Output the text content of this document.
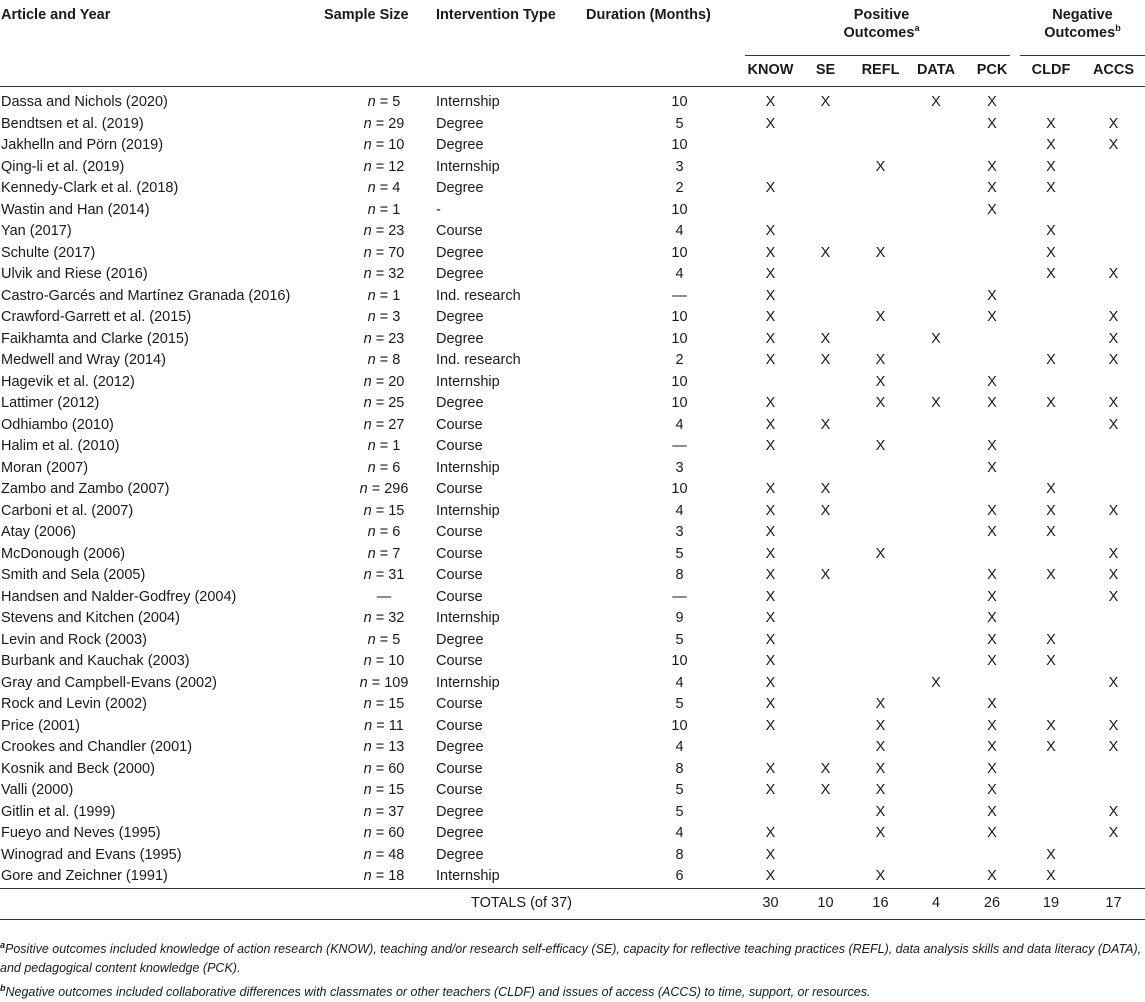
Article and Year	Sample Size	Intervention Type	Duration (Months)	Positive Outcomes$^a$					Negative Outcomes$^b$

				KNOW	SE	REFL	DATA	PCK	CLDF	ACCS
Dassa and Nichols (2020)	n = 5	Internship	10	X	X		X	X		
Bendtsen et al. (2019)	n = 29	Degree	5	X				X	X	X
Jakhelln and Pörn (2019)	n = 10	Degree	10						X	X
Qing-li et al. (2019)	n = 12	Internship	3			X		X	X	
Kennedy-Clark et al. (2018)	n = 4	Degree	2	X				X	X	
Wastin and Han (2014)	n = 1	-	10					X		
Yan (2017)	n = 23	Course	4	X					X	
Schulte (2017)	n = 70	Degree	10	X	X	X			X	
Ulvik and Riese (2016)	n = 32	Degree	4	X					X	X
Castro-Garcés and Martínez Granada (2016)	n = 1	Ind. research	—	X				X		
Crawford-Garrett et al. (2015)	n = 3	Degree	10	X		X		X		X
Faikhamta and Clarke (2015)	n = 23	Degree	10	X	X		X			X
Medwell and Wray (2014)	n = 8	Ind. research	2	X	X	X			X	X
Hagevik et al. (2012)	n = 20	Internship	10			X		X		
Lattimer (2012)	n = 25	Degree	10	X		X	X	X	X	X
Odhiambo (2010)	n = 27	Course	4	X	X					X
Halim et al. (2010)	n = 1	Course	—	X		X		X		
Moran (2007)	n = 6	Internship	3					X		
Zambo and Zambo (2007)	n = 296	Course	10	X	X				X	
Carboni et al. (2007)	n = 15	Internship	4	X	X			X	X	X
Atay (2006)	n = 6	Course	3	X				X	X	
McDonough (2006)	n = 7	Course	5	X		X				X
Smith and Sela (2005)	n = 31	Course	8	X	X			X	X	X
Handsen and Nalder-Godfrey (2004)	—	Course	—	X				X		X
Stevens and Kitchen (2004)	n = 32	Internship	9	X				X		
Levin and Rock (2003)	n = 5	Degree	5	X				X	X	
Burbank and Kauchak (2003)	n = 10	Course	10	X				X	X	
Gray and Campbell-Evans (2002)	n = 109	Internship	4	X			X			X
Rock and Levin (2002)	n = 15	Course	5	X		X		X		
Price (2001)	n = 11	Course	10	X		X		X	X	X
Crookes and Chandler (2001)	n = 13	Degree	4			X		X	X	X
Kosnik and Beck (2000)	n = 60	Course	8	X	X	X		X		
Valli (2000)	n = 15	Course	5	X	X	X		X		
Gitlin et al. (1999)	n = 37	Degree	5			X		X		X
Fueyo and Neves (1995)	n = 60	Degree	4	X		X		X		X
Winograd and Evans (1995)	n = 48	Degree	8	X					X	
Gore and Zeichner (1991)	n = 18	Internship	6	X		X		X	X	
TOTALS (of 37)				30	10	16	4	26	19	17
$^a$Positive outcomes included knowledge of action research (KNOW), teaching and/or research self-efficacy (SE), capacity for reflective teaching practices (REFL), data analysis skills and data literacy (DATA), and pedagogical content knowledge (PCK).
$^b$Negative outcomes included collaborative differences with classmates or other teachers (CLDF) and issues of access (ACCS) to time, support, or resources.
